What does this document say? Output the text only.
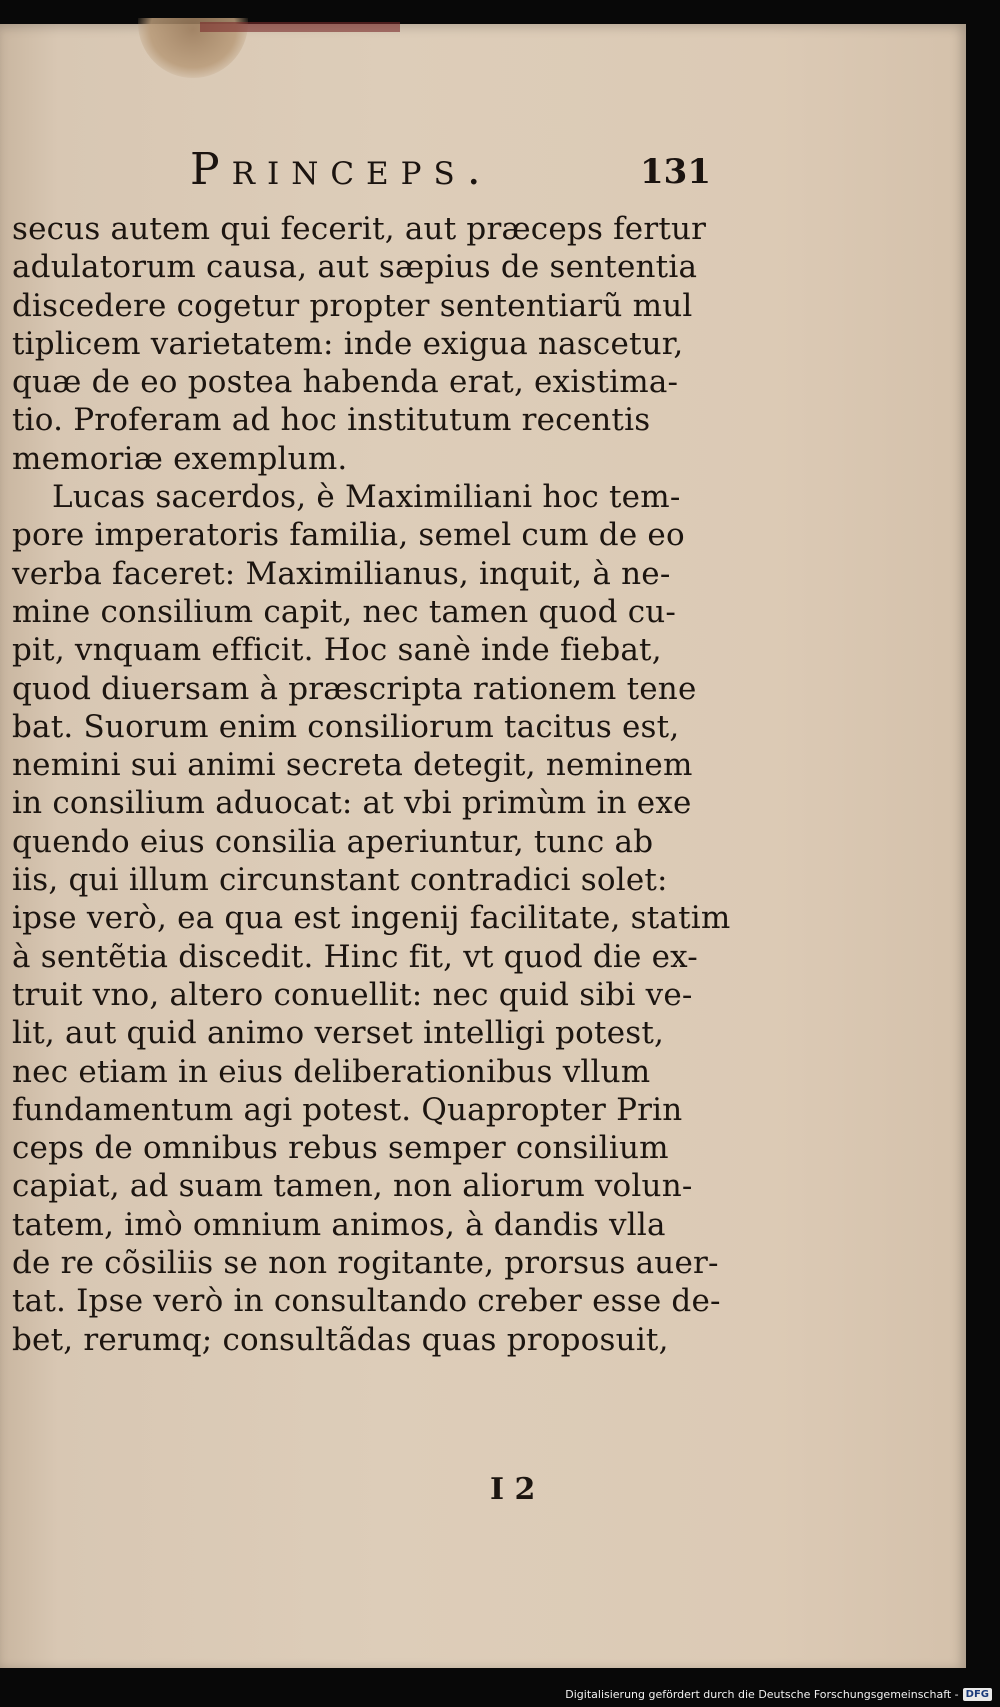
Princeps.	131
secus autem qui fecerit, aut præceps fertur
adulatorum causa, aut sæpius de sententia
discedere cogetur propter sententiarũ mul
tiplicem varietatem: inde exigua nascetur,
quæ de eo postea habenda erat, existima-
tio. Proferam ad hoc institutum recentis
memoriæ exemplum.
Lucas sacerdos, è Maximiliani hoc tem-
pore imperatoris familia, semel cum de eo
verba faceret: Maximilianus, inquit, à ne-
mine consilium capit, nec tamen quod cu-
pit, vnquam efficit. Hoc sanè inde fiebat,
quod diuersam à præscripta rationem tene
bat. Suorum enim consiliorum tacitus est,
nemini sui animi secreta detegit, neminem
in consilium aduocat: at vbi primùm in exe
quendo eius consilia aperiuntur, tunc ab
iis, qui illum circunstant contradici solet:
ipse verò, ea qua est ingenij facilitate, statim
à sentẽtia discedit. Hinc fit, vt quod die ex-
truit vno, altero conuellit: nec quid sibi ve-
lit, aut quid animo verset intelligi potest,
nec etiam in eius deliberationibus vllum
fundamentum agi potest. Quapropter Prin
ceps de omnibus rebus semper consilium
capiat, ad suam tamen, non aliorum volun-
tatem, imò omnium animos, à dandis vlla
de re cõsiliis se non rogitante, prorsus auer-
tat. Ipse verò in consultando creber esse de-
bet, rerumq; consultãdas quas proposuit,
I 2
Digitalisierung gefördert durch die Deutsche Forschungsgemeinschaft - DFG
